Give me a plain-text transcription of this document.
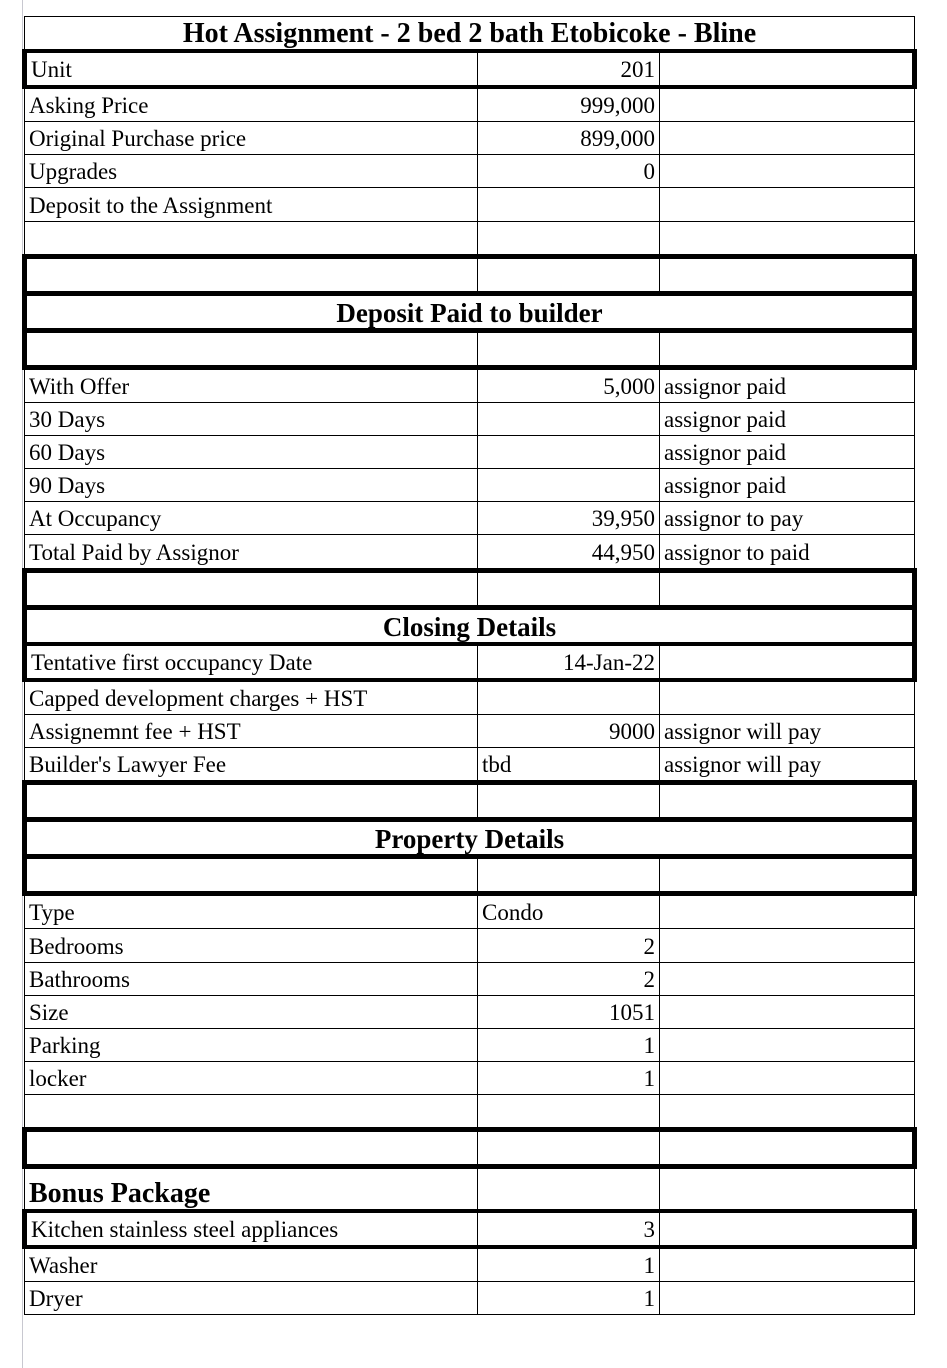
Hot Assignment - 2 bed 2 bath Etobicoke - Bline		
Unit	201	
Asking Price	999,000	
Original Purchase price	899,000	
Upgrades	0	
Deposit to the Assignment		

Deposit Paid to builder		

With Offer	5,000	assignor paid
30 Days		assignor paid
60 Days		assignor paid
90 Days		assignor paid
At Occupancy	39,950	assignor to pay
Total Paid by Assignor	44,950	assignor to paid

Closing Details		
Tentative first occupancy Date	14-Jan-22	
Capped development charges + HST		
Assignemnt fee + HST	9000	assignor will pay
Builder's Lawyer Fee	tbd	assignor will pay

Property Details		

Type	Condo	
Bedrooms	2	
Bathrooms	2	
Size	1051	
Parking	1	
locker	1	

Bonus Package		
Kitchen stainless steel appliances	3	
Washer	1	
Dryer	1	
